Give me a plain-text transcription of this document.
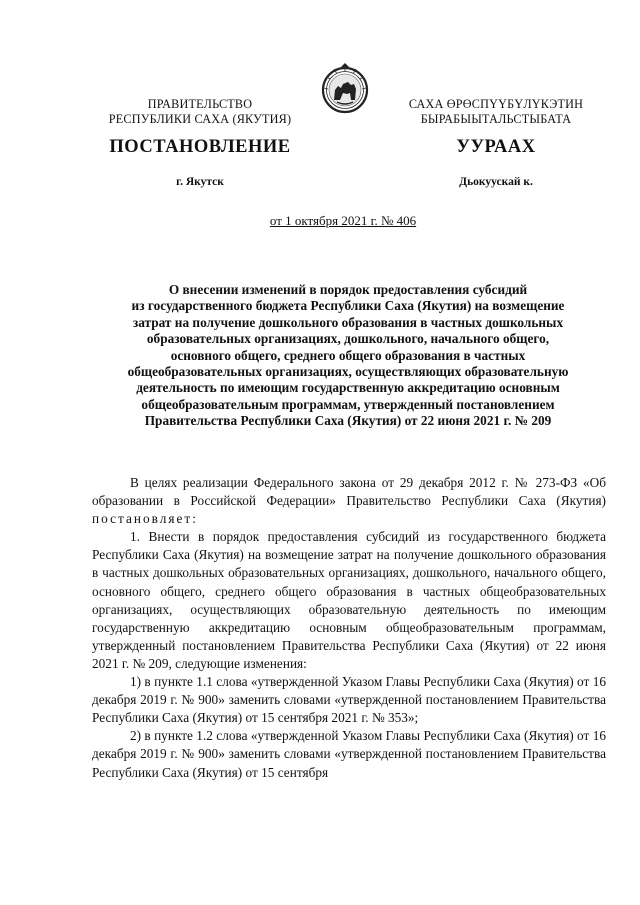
ПРАВИТЕЛЬСТВО
РЕСПУБЛИКИ САХА (ЯКУТИЯ)
САХА ӨРӨСПҮҮБҮЛҮКЭТИН
БЫРАБЫЫТАЛЬСТЫБАТА
ПОСТАНОВЛЕНИЕ	УУРААХ
г. Якутск	Дьокуускай к.
от 1 октября 2021 г. № 406
О внесении изменений в порядок предоставления субсидий
из государственного бюджета Республики Саха (Якутия) на возмещение
затрат на получение дошкольного образования в частных дошкольных
образовательных организациях, дошкольного, начального общего,
основного общего, среднего общего образования в частных
общеобразовательных организациях, осуществляющих образовательную
деятельность по имеющим государственную аккредитацию основным
общеобразовательным программам, утвержденный постановлением
Правительства Республики Саха (Якутия) от 22 июня 2021 г. № 209

В целях реализации Федерального закона от 29 декабря 2012 г. № 273-ФЗ «Об образовании в Российской Федерации» Правительство Республики Саха (Якутия) постановляет:

1. Внести в порядок предоставления субсидий из государственного бюджета Республики Саха (Якутия) на возмещение затрат на получение дошкольного образования в частных дошкольных образовательных организациях, дошкольного, начального общего, основного общего, среднего общего образования в частных общеобразовательных организациях, осуществляющих образовательную деятельность по имеющим государственную аккредитацию основным общеобразовательным программам, утвержденный постановлением Правительства Республики Саха (Якутия) от 22 июня 2021 г. № 209, следующие изменения:

1) в пункте 1.1 слова «утвержденной Указом Главы Республики Саха (Якутия) от 16 декабря 2019 г. № 900» заменить словами «утвержденной постановлением Правительства Республики Саха (Якутия) от 15 сентября 2021 г. № 353»;

2) в пункте 1.2 слова «утвержденной Указом Главы Республики Саха (Якутия) от 16 декабря 2019 г. № 900» заменить словами «утвержденной постановлением Правительства Республики Саха (Якутия) от 15 сентября
